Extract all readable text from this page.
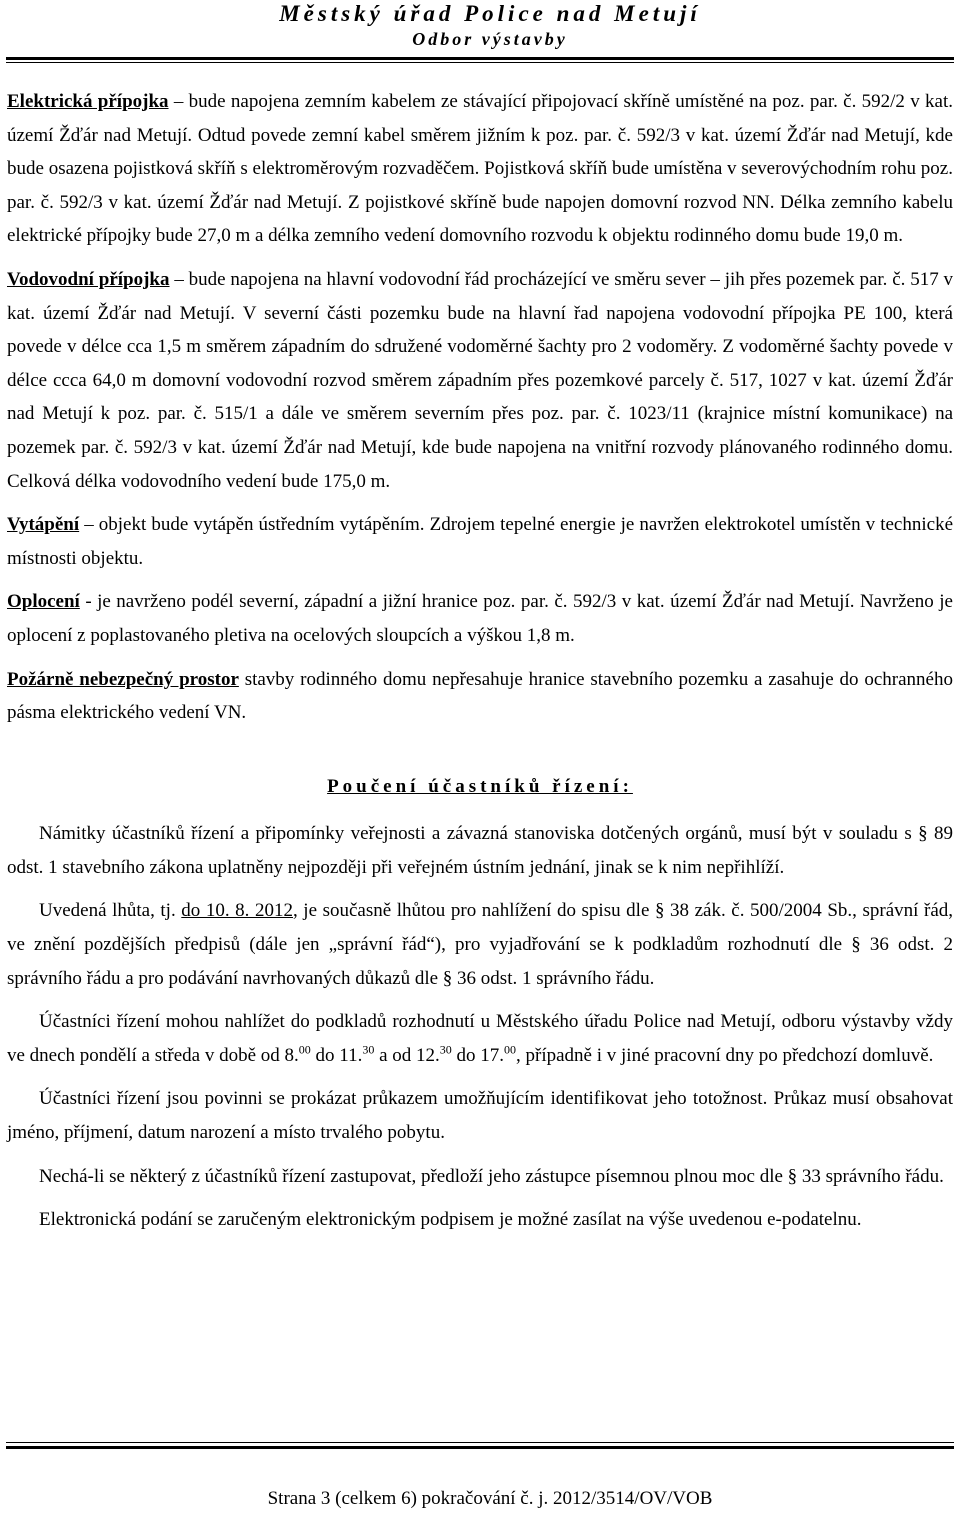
Městský úřad Police nad Metují
Odbor výstavby

Elektrická přípojka – bude napojena zemním kabelem ze stávající připojovací skříně umístěné na poz. par. č. 592/2 v kat. území Žďár nad Metují. Odtud povede zemní kabel směrem jižním k poz. par. č. 592/3 v kat. území Žďár nad Metují, kde bude osazena pojistková skříň s elektroměrovým rozvaděčem. Pojistková skříň bude umístěna v severovýchodním rohu poz. par. č. 592/3 v kat. území Žďár nad Metují. Z pojistkové skříně bude napojen domovní rozvod NN. Délka zemního kabelu elektrické přípojky bude 27,0 m a délka zemního vedení domovního rozvodu k objektu rodinného domu bude 19,0 m.

Vodovodní přípojka – bude napojena na hlavní vodovodní řád procházející ve směru sever – jih přes pozemek par. č. 517 v kat. území Žďár nad Metují. V severní části pozemku bude na hlavní řad napojena vodovodní přípojka PE 100, která povede v délce cca 1,5 m směrem západním do sdružené vodoměrné šachty pro 2 vodoměry. Z vodoměrné šachty povede v délce ccca 64,0 m domovní vodovodní rozvod směrem západním přes pozemkové parcely č. 517, 1027 v kat. území Žďár nad Metují k poz. par. č. 515/1 a dále ve směrem severním přes poz. par. č. 1023/11 (krajnice místní komunikace) na pozemek par. č. 592/3 v kat. území Žďár nad Metují, kde bude napojena na vnitřní rozvody plánovaného rodinného domu. Celková délka vodovodního vedení bude 175,0 m.

Vytápění – objekt bude vytápěn ústředním vytápěním. Zdrojem tepelné energie je navržen elektrokotel umístěn v technické místnosti objektu.

Oplocení - je navrženo podél severní, západní a jižní hranice poz. par. č. 592/3 v kat. území Žďár nad Metují. Navrženo je oplocení z poplastovaného pletiva na ocelových sloupcích a výškou 1,8 m.

Požárně nebezpečný prostor stavby rodinného domu nepřesahuje hranice stavebního pozemku a zasahuje do ochranného pásma elektrického vedení VN.

Poučení účastníků řízení:

Námitky účastníků řízení a připomínky veřejnosti a závazná stanoviska dotčených orgánů, musí být v souladu s § 89 odst. 1 stavebního zákona uplatněny nejpozději při veřejném ústním jednání, jinak se k nim nepřihlíží.

Uvedená lhůta, tj. do 10. 8. 2012, je současně lhůtou pro nahlížení do spisu dle § 38 zák. č. 500/2004 Sb., správní řád, ve znění pozdějších předpisů (dále jen „správní řád“), pro vyjadřování se k podkladům rozhodnutí dle § 36 odst. 2 správního řádu a pro podávání navrhovaných důkazů dle § 36 odst. 1 správního řádu.

Účastníci řízení mohou nahlížet do podkladů rozhodnutí u Městského úřadu Police nad Metují, odboru výstavby vždy ve dnech pondělí a středa v době od 8.00 do 11.30 a od 12.30 do 17.00, případně i v jiné pracovní dny po předchozí domluvě.

Účastníci řízení jsou povinni se prokázat průkazem umožňujícím identifikovat jeho totožnost. Průkaz musí obsahovat jméno, příjmení, datum narození a místo trvalého pobytu.

Nechá-li se některý z účastníků řízení zastupovat, předloží jeho zástupce písemnou plnou moc dle § 33 správního řádu.

Elektronická podání se zaručeným elektronickým podpisem je možné zasílat na výše uvedenou e-podatelnu.

Strana 3 (celkem 6) pokračování č. j. 2012/3514/OV/VOB
